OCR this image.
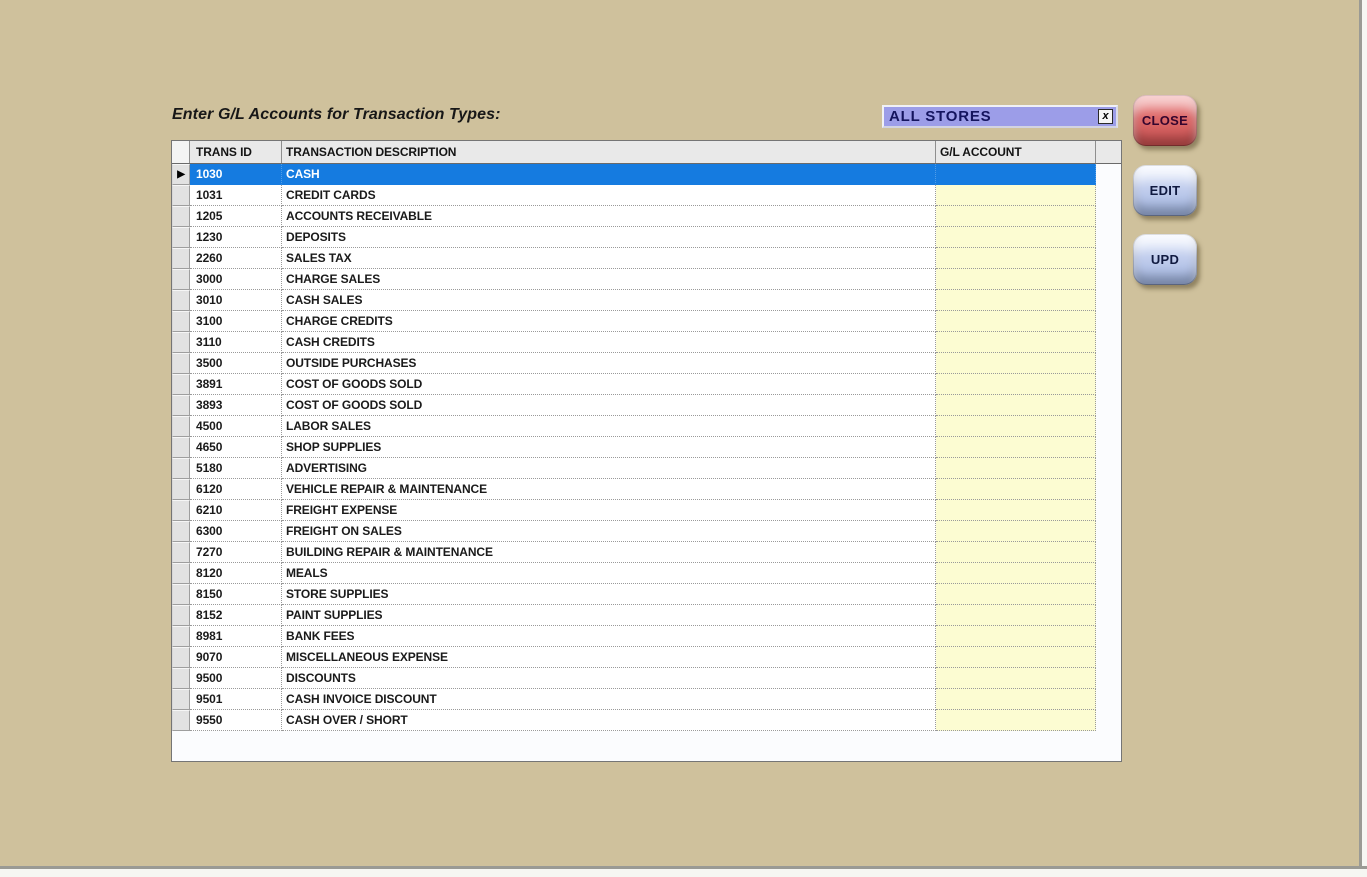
Enter G/L Accounts for Transaction Types:	ALL STORES	x	CLOSE
EDIT
UPD
TRANS ID	TRANSACTION DESCRIPTION	G/L ACCOUNT
▶ 1030	CASH
1031	CREDIT CARDS
1205	ACCOUNTS RECEIVABLE
1230	DEPOSITS
2260	SALES TAX
3000	CHARGE SALES
3010	CASH SALES
3100	CHARGE CREDITS
3110	CASH CREDITS
3500	OUTSIDE PURCHASES
3891	COST OF GOODS SOLD
3893	COST OF GOODS SOLD
4500	LABOR SALES
4650	SHOP SUPPLIES
5180	ADVERTISING
6120	VEHICLE REPAIR & MAINTENANCE
6210	FREIGHT EXPENSE
6300	FREIGHT ON SALES
7270	BUILDING REPAIR & MAINTENANCE
8120	MEALS
8150	STORE SUPPLIES
8152	PAINT SUPPLIES
8981	BANK FEES
9070	MISCELLANEOUS EXPENSE
9500	DISCOUNTS
9501	CASH INVOICE DISCOUNT
9550	CASH OVER / SHORT
